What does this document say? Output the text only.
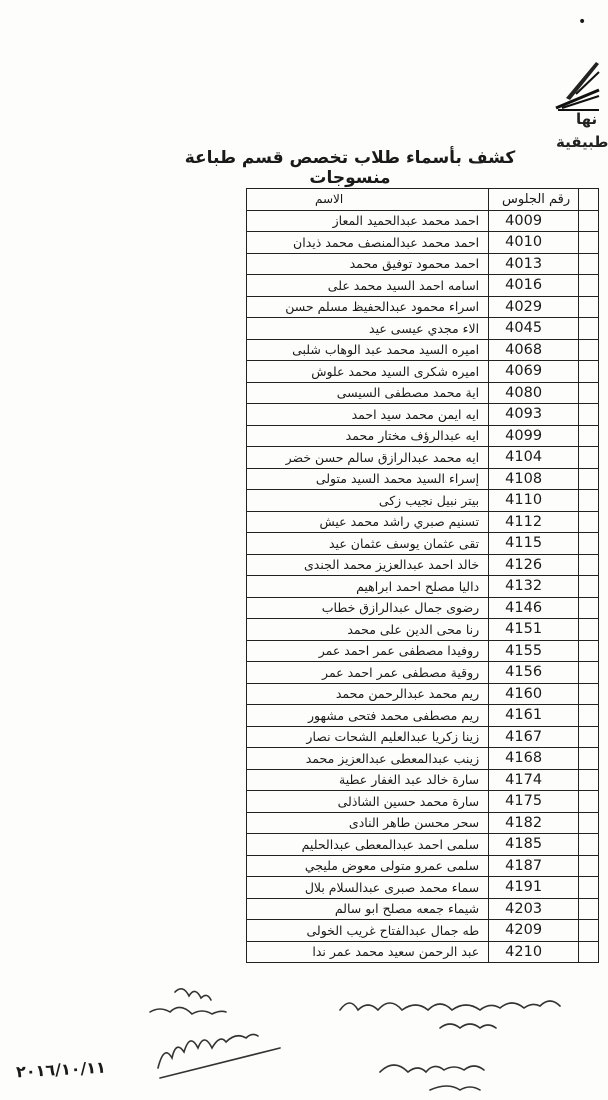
•
نها
طبيقية
كشف بأسماء طلاب تخصص قسم طباعة منسوجات
	رقم الجلوس	الاسم
	4009	احمد محمد عبدالحميد المعاز
	4010	احمد محمد عبدالمنصف محمد ذيدان
	4013	احمد محمود توفيق محمد
	4016	اسامه احمد السيد محمد على
	4029	اسراء محمود عبدالحفيظ مسلم حسن
	4045	الاء مجدي عيسى عيد
	4068	اميره السيد محمد عبد الوهاب شلبى
	4069	اميره شكرى السيد محمد علوش
	4080	اية محمد مصطفى السيسى
	4093	ايه ايمن محمد سيد احمد
	4099	ايه عبدالرؤف مختار محمد
	4104	ايه محمد عبدالرازق سالم حسن خضر
	4108	إسراء السيد محمد السيد متولى
	4110	بيتر نبيل نجيب زكى
	4112	تسنيم صبري راشد محمد عيش
	4115	تقى عثمان يوسف عثمان عيد
	4126	خالد احمد عبدالعزيز محمد الجندى
	4132	داليا مصلح احمد ابراهيم
	4146	رضوى جمال عبدالرازق خطاب
	4151	رنا محى الدين على محمد
	4155	روفيدا مصطفى عمر احمد عمر
	4156	روقية مصطفى عمر احمد عمر
	4160	ريم محمد عبدالرحمن محمد
	4161	ريم مصطفى محمد فتحى مشهور
	4167	زينا زكريا عبدالعليم الشحات نصار
	4168	زينب عبدالمعطى عبدالعزيز محمد
	4174	سارة خالد عبد الغفار عطية
	4175	سارة محمد حسين الشاذلى
	4182	سحر محسن طاهر النادى
	4185	سلمى احمد عبدالمعطى عبدالحليم
	4187	سلمى عمرو متولى معوض مليجي
	4191	سماء محمد صبرى عبدالسلام بلال
	4203	شيماء جمعه مصلح ابو سالم
	4209	طه جمال عبدالفتاح غريب الخولى
	4210	عبد الرحمن سعيد محمد عمر ندا
٢٠١٦/١٠/١١
